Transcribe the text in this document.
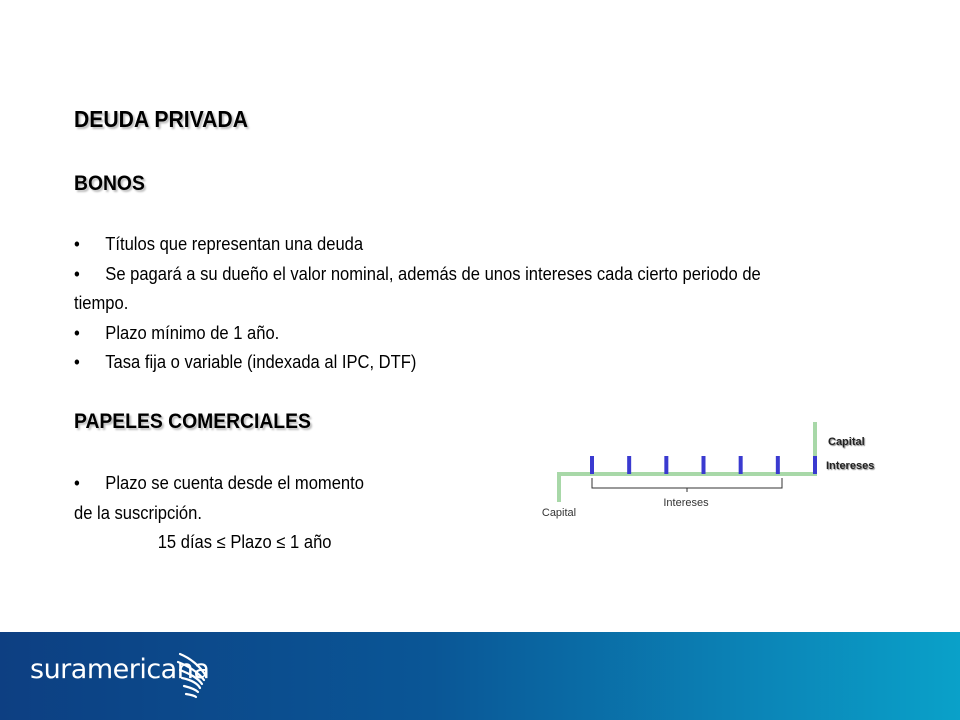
DEUDA PRIVADA
BONOS
• Títulos que representan una deuda
• Se pagará a su dueño el valor nominal, además de unos intereses cada cierto periodo de
tiempo.
• Plazo mínimo de 1 año.
• Tasa fija o variable (indexada al IPC, DTF)
PAPELES COMERCIALES
• Plazo se cuenta desde el momento
de la suscripción.
15 días ≤ Plazo ≤ 1 año
Intereses
Capital
Capital
Intereses
suramericana
